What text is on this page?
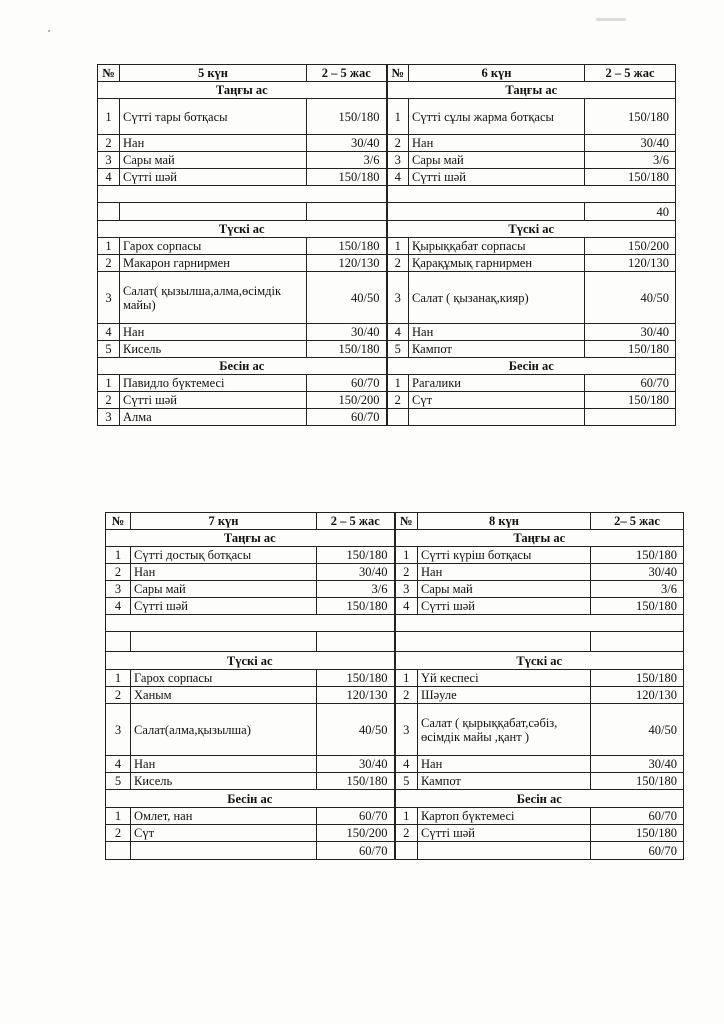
№	5 күн	2 – 5 жас	№	6 күн	2 – 5 жас
Таңғы ас			Таңғы ас		
1	Сүтті тары ботқасы	150/180	1	Сүтті сұлы жарма ботқасы	150/180
2	Нан	30/40	2	Нан	30/40
3	Сары май	3/6	3	Сары май	3/6
4	Сүтті шәй	150/180	4	Сүтті шәй	150/180

					40
Түскі ас			Түскі ас		
1	Гарох сорпасы	150/180	1	Қырыққабат сорпасы	150/200
2	Макарон гарнирмен	120/130	2	Қарақұмық гарнирмен	120/130
3	Салат( қызылша,алма,өсімдік майы)	40/50	3	Салат ( қызанақ,кияр)	40/50
4	Нан	30/40	4	Нан	30/40
5	Кисель	150/180	5	Кампот	150/180
Бесін ас			Бесін ас		
1	Павидло бүктемесі	60/70	1	Рагалики	60/70
2	Сүтті шәй	150/200	2	Сүт	150/180
3	Алма	60/70			
№	7 күн	2 – 5 жас	№	8 күн	2– 5 жас
Таңғы ас			Таңғы ас		
1	Сүтті достық ботқасы	150/180	1	Сүтті күріш ботқасы	150/180
2	Нан	30/40	2	Нан	30/40
3	Сары май	3/6	3	Сары май	3/6
4	Сүтті шәй	150/180	4	Сүтті шәй	150/180

Түскі ас			Түскі ас		
1	Гарох сорпасы	150/180	1	Үй кеспесі	150/180
2	Ханым	120/130	2	Шәуле	120/130
3	Салат(алма,қызылша)	40/50	3	Салат ( қырыққабат,сәбіз, өсімдік майы ,қант )	40/50
4	Нан	30/40	4	Нан	30/40
5	Кисель	150/180	5	Кампот	150/180
Бесін ас			Бесін ас		
1	Омлет, нан	60/70	1	Картоп бүктемесі	60/70
2	Сүт	150/200	2	Сүтті шәй	150/180
		60/70			60/70
